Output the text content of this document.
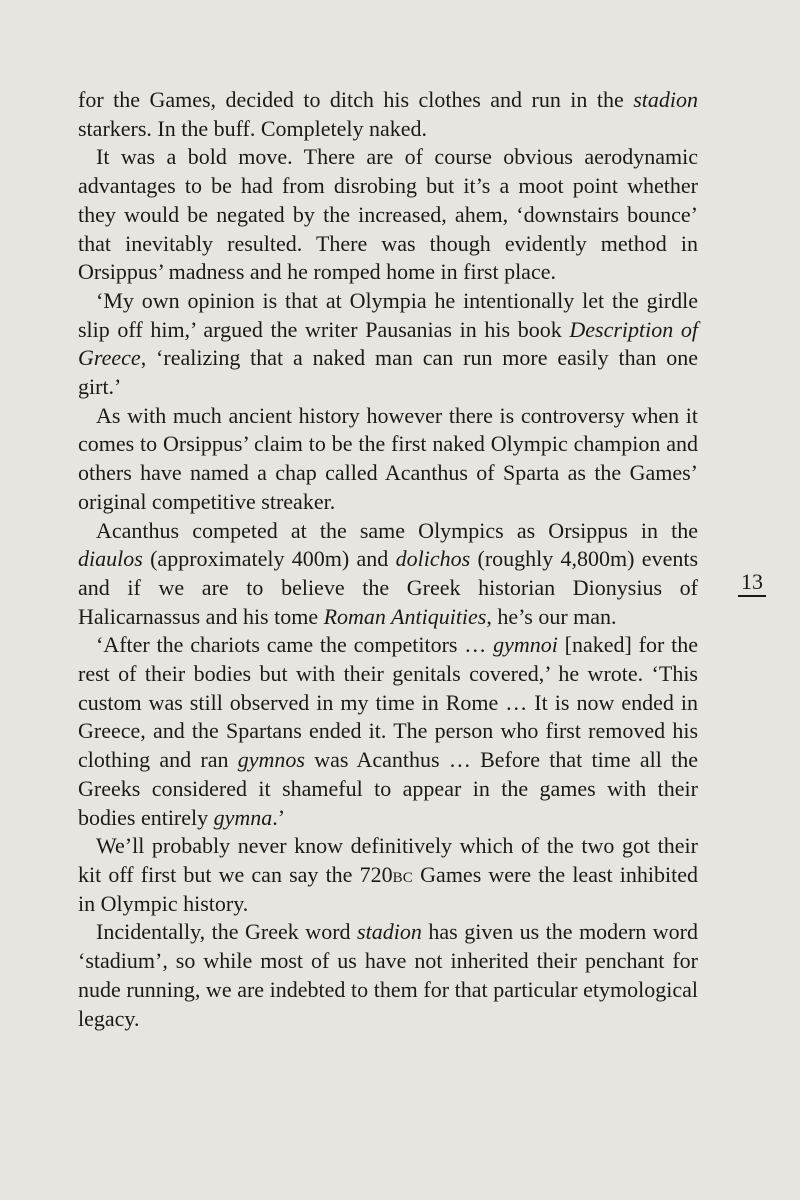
for the Games, decided to ditch his clothes and run in the stadion starkers. In the buff. Completely naked.

It was a bold move. There are of course obvious aerodynamic advantages to be had from disrobing but it’s a moot point whether they would be negated by the increased, ahem, ‘downstairs bounce’ that inevitably resulted. There was though evidently method in Orsippus’ madness and he romped home in first place.

‘My own opinion is that at Olympia he intentionally let the girdle slip off him,’ argued the writer Pausanias in his book Description of Greece, ‘realizing that a naked man can run more easily than one girt.’

As with much ancient history however there is controversy when it comes to Orsippus’ claim to be the first naked Olympic champion and others have named a chap called Acanthus of Sparta as the Games’ original competitive streaker.

Acanthus competed at the same Olympics as Orsippus in the diaulos (approximately 400m) and dolichos (roughly 4,800m) events and if we are to believe the Greek historian Dionysius of Halicarnassus and his tome Roman Antiquities, he’s our man.

‘After the chariots came the competitors … gymnoi [naked] for the rest of their bodies but with their genitals covered,’ he wrote. ‘This custom was still observed in my time in Rome … It is now ended in Greece, and the Spartans ended it. The person who first removed his clothing and ran gymnos was Acanthus … Before that time all the Greeks considered it shameful to appear in the games with their bodies entirely gymna.’

We’ll probably never know definitively which of the two got their kit off first but we can say the 720bc Games were the least inhibited in Olympic history.

Incidentally, the Greek word stadion has given us the modern word ‘stadium’, so while most of us have not inherited their penchant for nude running, we are indebted to them for that particular etymological legacy.

13
